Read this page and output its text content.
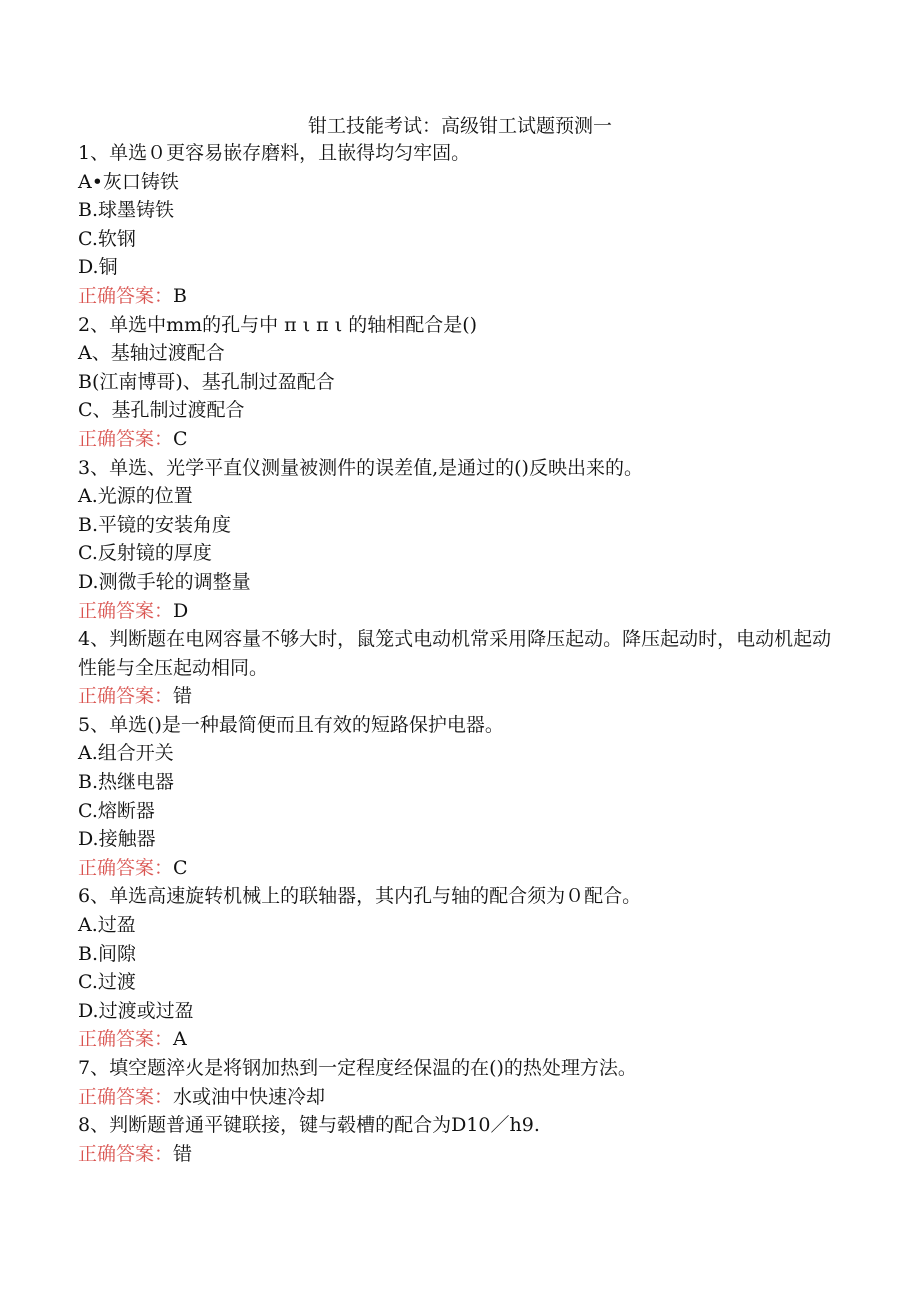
钳工技能考试：高级钳工试题预测一
1、单选０更容易嵌存磨料，且嵌得均匀牢固。
A•灰口铸铁
B.球墨铸铁
C.软钢
D.铜
正确答案：B
2、单选中mm的孔与中 π ι π ι 的轴相配合是()
A、基轴过渡配合
B(江南博哥)、基孔制过盈配合
C、基孔制过渡配合
正确答案：C
3、单选、光学平直仪测量被测件的误差值,是通过的()反映出来的。
A.光源的位置
B.平镜的安装角度
C.反射镜的厚度
D.测微手轮的调整量
正确答案：D
4、判断题在电网容量不够大时，鼠笼式电动机常采用降压起动。降压起动时，电动机起动性能与全压起动相同。
正确答案：错
5、单选()是一种最简便而且有效的短路保护电器。
A.组合开关
B.热继电器
C.熔断器
D.接触器
正确答案：C
6、单选高速旋转机械上的联轴器，其内孔与轴的配合须为０配合。
A.过盈
B.间隙
C.过渡
D.过渡或过盈
正确答案：A
7、填空题淬火是将钢加热到一定程度经保温的在()的热处理方法。
正确答案：水或油中快速冷却
8、判断题普通平键联接，键与毂槽的配合为D10／h9.
正确答案：错
